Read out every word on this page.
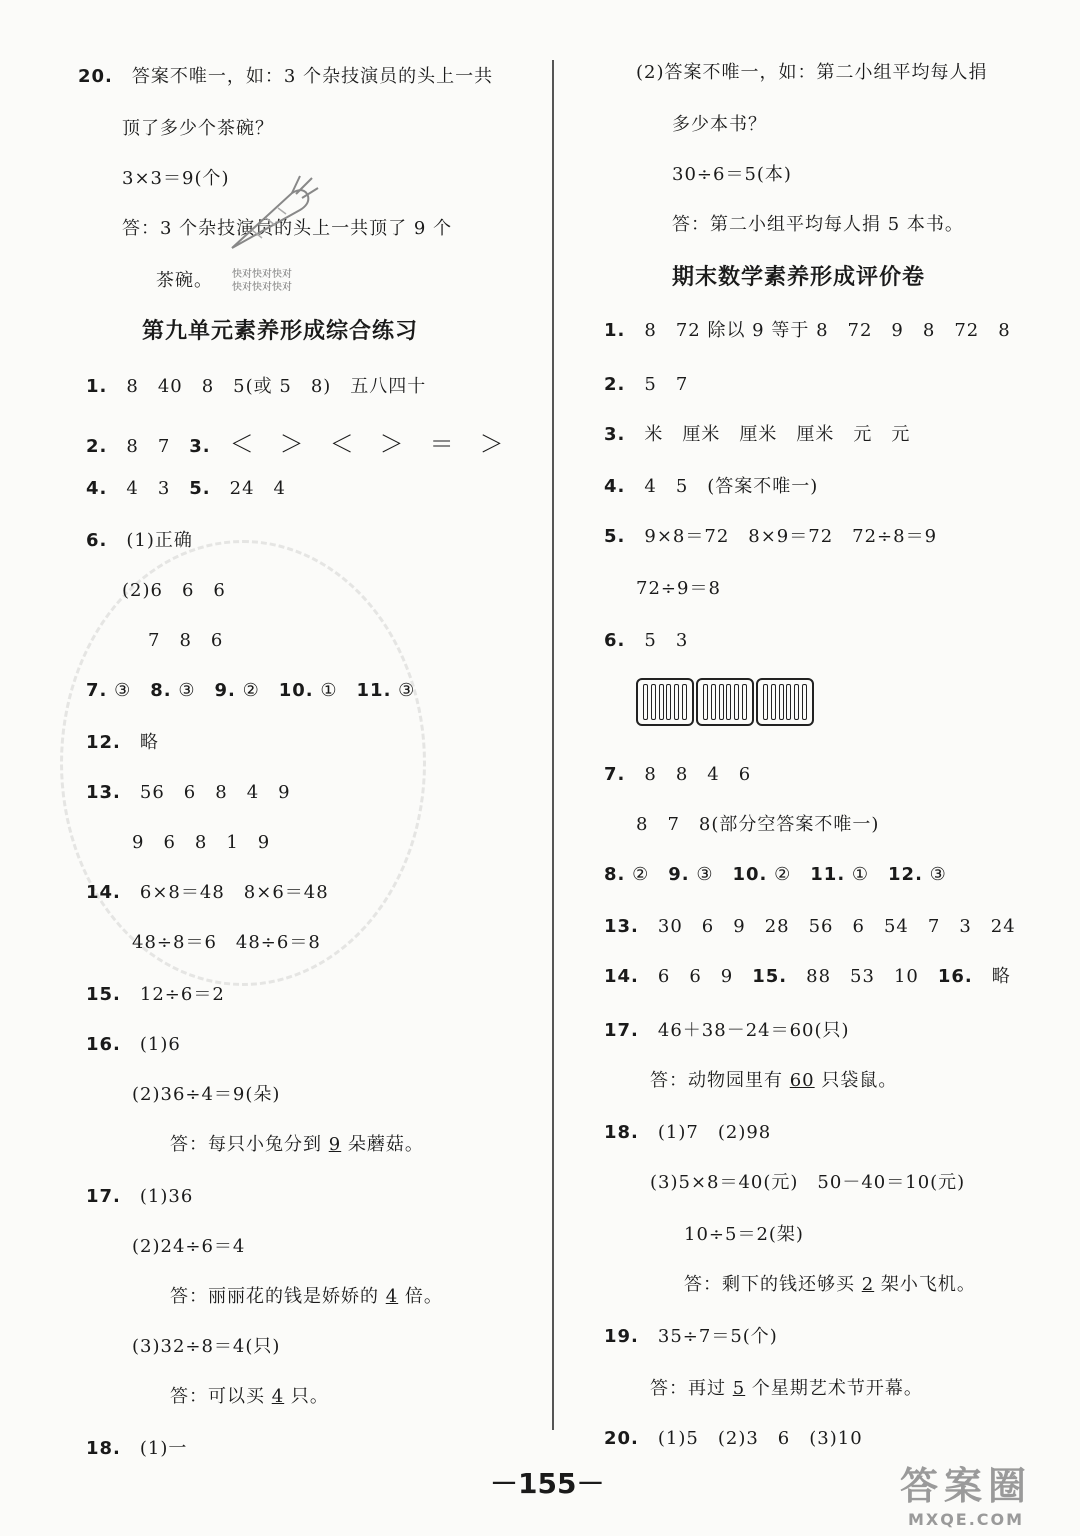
20.　 答案不唯一，如：3 个杂技演员的头上一共
顶了多少个茶碗？
3×3＝9(个)
答：3 个杂技演员的头上一共顶了 9 个
茶碗。 快对快对快对
快对快对快对
第九单元素养形成综合练习
1.　 8　40　8　5(或 5　8)　五八四十
2.　 8　7　 3.　 ＜　＞　＜　＞　＝　＞
4.　 4　3　 5.　 24　4
6.　 (1)正确
(2)6　6　6
7　8　6
7. ③　 8. ③　 9. ②　 10. ①　 11. ③
12.　 略
13.　 56　6　8　4　9
9　6　8　1　9
14.　 6×8＝48　8×6＝48
48÷8＝6　48÷6＝8
15.　 12÷6＝2
16.　 (1)6
(2)36÷4＝9(朵)
答：每只小兔分到 9 朵蘑菇。
17.　 (1)36
(2)24÷6＝4
答：丽丽花的钱是娇娇的 4 倍。
(3)32÷8＝4(只)
答：可以买 4 只。
18.　 (1)一
(2)答案不唯一，如：第二小组平均每人捐
多少本书？
30÷6＝5(本)
答：第二小组平均每人捐 5 本书。
期末数学素养形成评价卷
1.　 8　72 除以 9 等于 8　72　9　8　72　8
2.　 5　7
3.　 米　厘米　厘米　厘米　元　元
4.　 4　5　(答案不唯一)
5.　 9×8＝72　8×9＝72　72÷8＝9
72÷9＝8
6.　 5　3
7.　 8　8　4　6
8　7　8(部分空答案不唯一)
8. ②　 9. ③　 10. ②　 11. ①　 12. ③
13.　 30　6　9　28　56　6　54　7　3　24
14.　 6　6　9　 15.　 88　53　10　 16.　 略
17.　 46＋38－24＝60(只)
答：动物园里有 60 只袋鼠。
18.　 (1)7　(2)98
(3)5×8＝40(元)　50－40＝10(元)
10÷5＝2(架)
答：剩下的钱还够买 2 架小飞机。
19.　 35÷7＝5(个)
答：再过 5 个星期艺术节开幕。
20.　 (1)5　(2)3　6　(3)10
－155－	答案圈
MXQE.COM
